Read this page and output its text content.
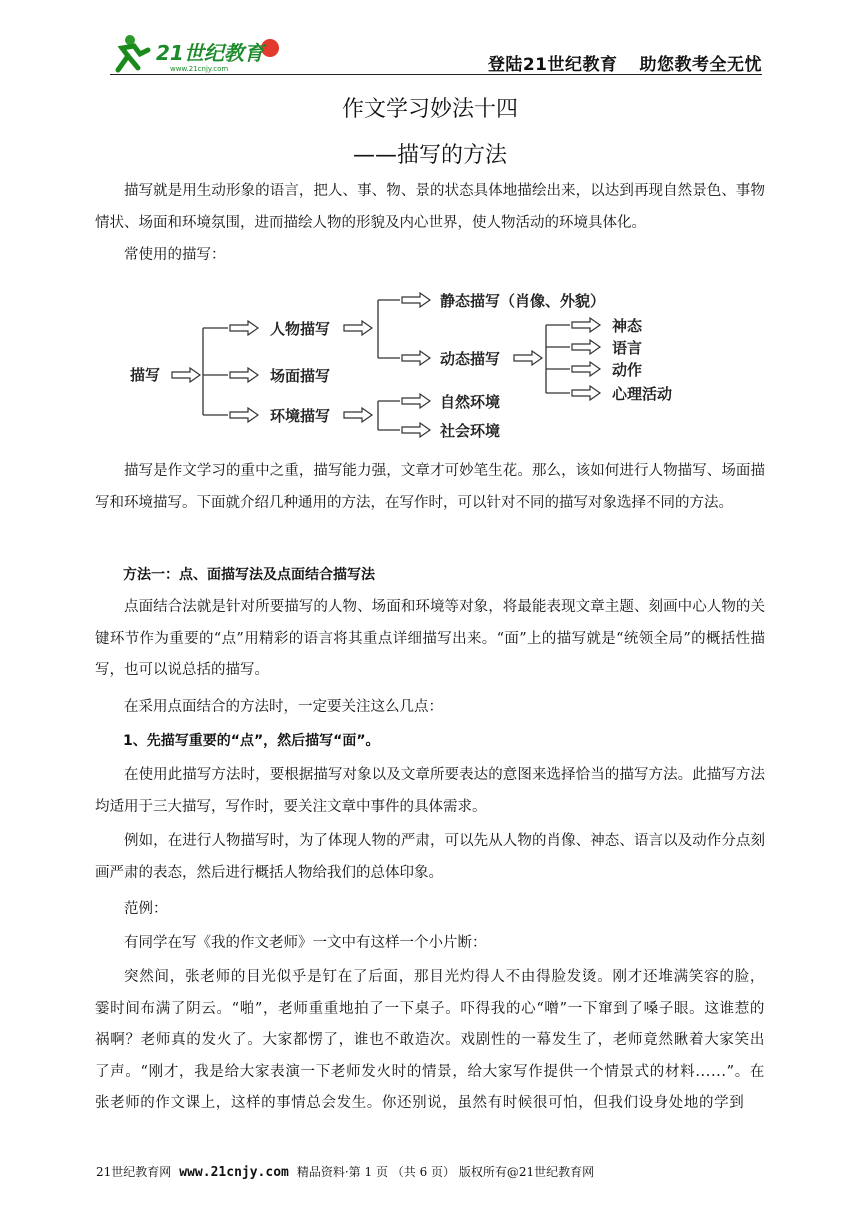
21世纪教育
www.21cnjy.com	登陆21世纪教育 助您教考全无忧
作文学习妙法十四
——描写的方法

描写就是用生动形象的语言，把人、事、物、景的状态具体地描绘出来，以达到再现自然景色、事物情状、场面和环境氛围，进而描绘人物的形貌及内心世界，使人物活动的环境具体化。

常使用的描写：

描写
人物描写
场面描写
环境描写
静态描写（肖像、外貌）
动态描写
神态
语言
动作
心理活动
自然环境
社会环境

描写是作文学习的重中之重，描写能力强，文章才可妙笔生花。那么，该如何进行人物描写、场面描写和环境描写。下面就介绍几种通用的方法，在写作时，可以针对不同的描写对象选择不同的方法。

方法一：点、面描写法及点面结合描写法

点面结合法就是针对所要描写的人物、场面和环境等对象，将最能表现文章主题、刻画中心人物的关键环节作为重要的“点”用精彩的语言将其重点详细描写出来。“面”上的描写就是“统领全局”的概括性描写，也可以说总括的描写。

在采用点面结合的方法时，一定要关注这么几点：

1、先描写重要的“点”，然后描写“面”。

在使用此描写方法时，要根据描写对象以及文章所要表达的意图来选择恰当的描写方法。此描写方法均适用于三大描写，写作时，要关注文章中事件的具体需求。

例如，在进行人物描写时，为了体现人物的严肃，可以先从人物的肖像、神态、语言以及动作分点刻画严肃的表态，然后进行概括人物给我们的总体印象。

范例：

有同学在写《我的作文老师》一文中有这样一个小片断：

突然间，张老师的目光似乎是钉在了后面，那目光灼得人不由得脸发烫。刚才还堆满笑容的脸，霎时间布满了阴云。“啪”，老师重重地拍了一下桌子。吓得我的心“噌”一下窜到了嗓子眼。这谁惹的祸啊？老师真的发火了。大家都愣了，谁也不敢造次。戏剧性的一幕发生了，老师竟然瞅着大家笑出了声。“刚才，我是给大家表演一下老师发火时的情景，给大家写作提供一个情景式的材料......”。在张老师的作文课上，这样的事情总会发生。你还别说，虽然有时候很可怕，但我们设身处地的学到

21世纪教育网 www.21cnjy.com 精品资料·第 1 页 （共 6 页） 版权所有@21世纪教育网
